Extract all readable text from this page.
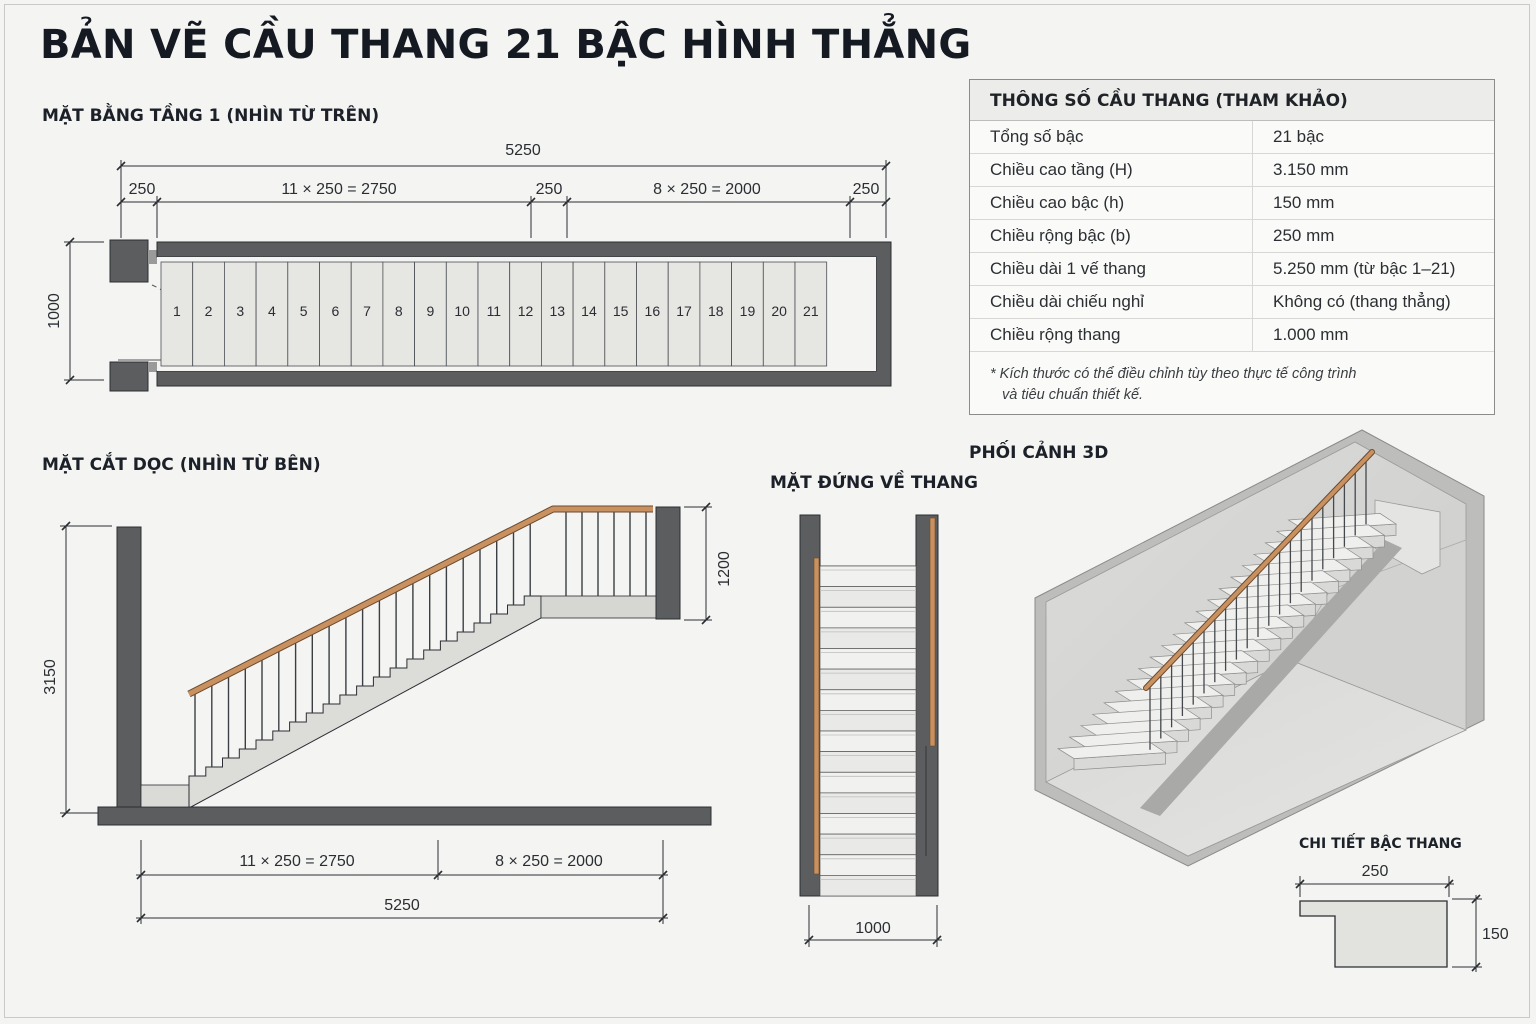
BẢN VẼ CẦU THANG 21 BẬC HÌNH THẲNG
MẶT BẰNG TẦNG 1 (NHÌN TỪ TRÊN)
MẶT CẮT DỌC (NHÌN TỪ BÊN)
MẶT ĐỨNG VỀ THANG
PHỐI CẢNH 3D
CHI TIẾT BẬC THANG
THÔNG SỐ CẦU THANG (THAM KHẢO)
Tổng số bậc	21 bậc
Chiều cao tầng (H)	3.150 mm
Chiều cao bậc (h)	150 mm
Chiều rộng bậc (b)	250 mm
Chiều dài 1 vế thang	5.250 mm (từ bậc 1–21)
Chiều dài chiếu nghỉ	Không có (thang thẳng)
Chiều rộng thang	1.000 mm
* Kích thước có thể điều chỉnh tùy theo thực tế công trình
và tiêu chuẩn thiết kế.
5250
250	11 × 250 = 2750	250	8 × 250 = 2000	250
1000	1 2 3 4 5 6 7 8 9 10 11 12 13 14 15 16 17 18 19 20 21
3150
1200
11 × 250 = 2750	8 × 250 = 2000
5250
1000
250
150
